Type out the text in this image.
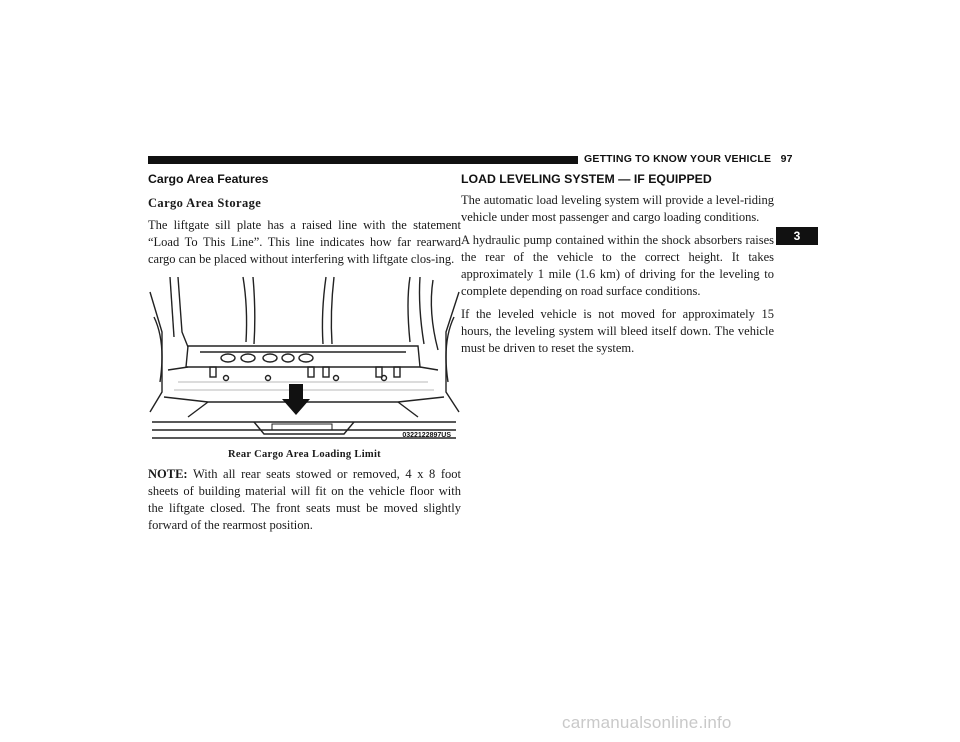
GETTING TO KNOW YOUR VEHICLE 97
3
Cargo Area Features
Cargo Area Storage

The liftgate sill plate has a raised line with the statement “Load To This Line”. This line indicates how far rearward cargo can be placed without interfering with liftgate clos-ing.

0322122897US
Rear Cargo Area Loading Limit

NOTE: With all rear seats stowed or removed, 4 x 8 foot sheets of building material will fit on the vehicle floor with the liftgate closed. The front seats must be moved slightly forward of the rearmost position.

LOAD LEVELING SYSTEM — IF EQUIPPED

The automatic load leveling system will provide a level-riding vehicle under most passenger and cargo loading conditions.

A hydraulic pump contained within the shock absorbers raises the rear of the vehicle to the correct height. It takes approximately 1 mile (1.6 km) of driving for the leveling to complete depending on road surface conditions.

If the leveled vehicle is not moved for approximately 15 hours, the leveling system will bleed itself down. The vehicle must be driven to reset the system.

carmanualsonline.info
